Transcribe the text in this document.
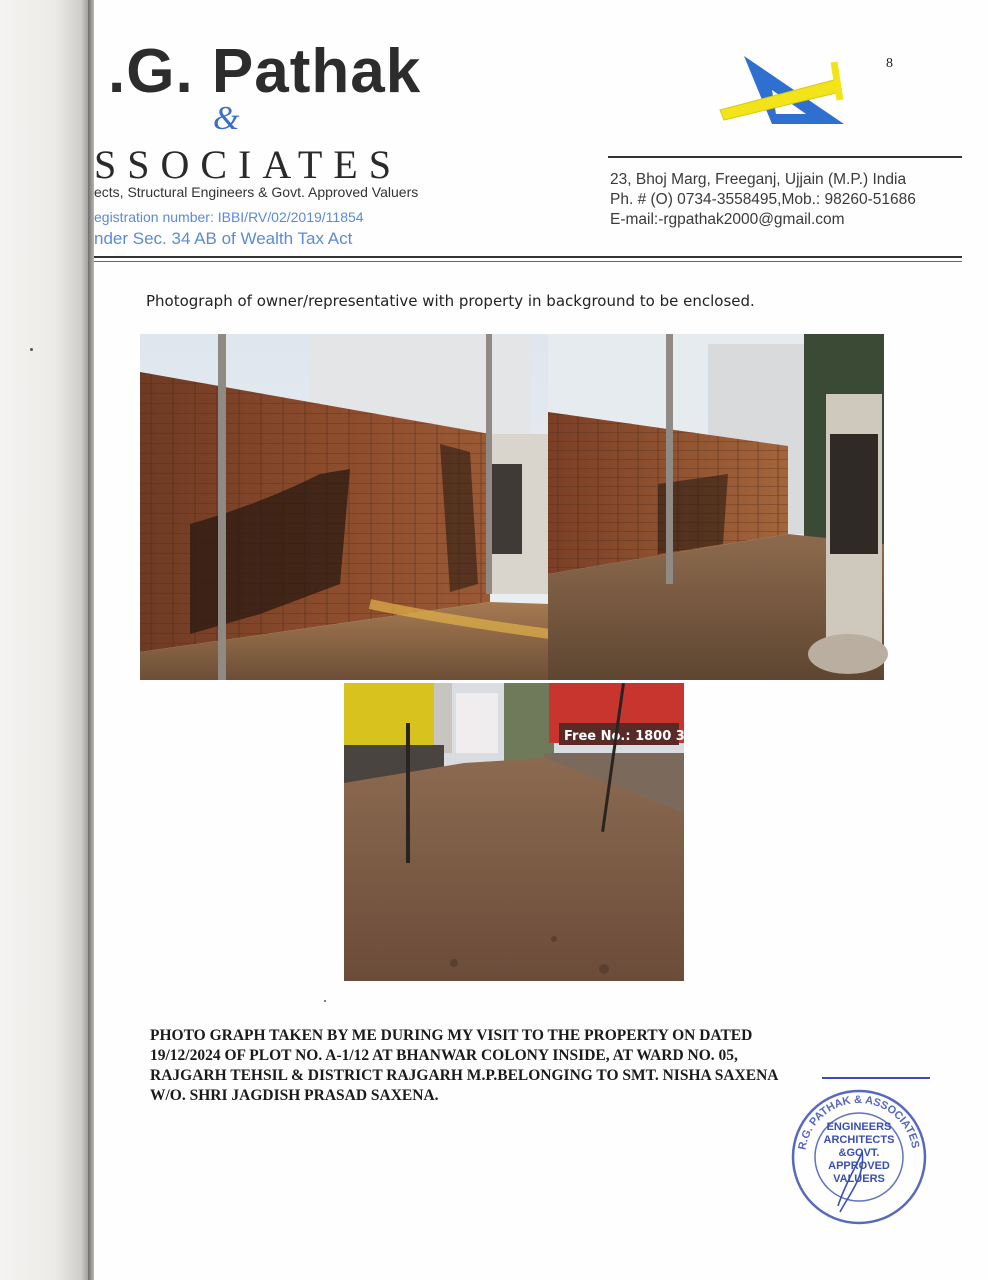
.G. Pathak
&
SSOCIATES
ects, Structural Engineers & Govt. Approved Valuers
egistration number: IBBI/RV/02/2019/11854
nder Sec. 34 AB of Wealth Tax Act
8
23, Bhoj Marg, Freeganj, Ujjain (M.P.) India
Ph. # (O) 0734-3558495,Mob.: 98260-51686
E-mail:-rgpathak2000@gmail.com
Photograph of owner/representative with property in background to be enclosed.
Free No.: 1800 31 1131

PHOTO GRAPH TAKEN BY ME DURING MY VISIT TO THE PROPERTY ON DATED

19/12/2024 OF PLOT NO. A-1/12 AT BHANWAR COLONY INSIDE, AT WARD NO. 05,

RAJGARH TEHSIL & DISTRICT RAJGARH M.P.BELONGING TO SMT. NISHA SAXENA

W/O. SHRI JAGDISH PRASAD SAXENA.

R.G. PATHAK & ASSOCIATES
ENGINEERS
ARCHITECTS
&GOVT.
APPROVED
VALUERS
